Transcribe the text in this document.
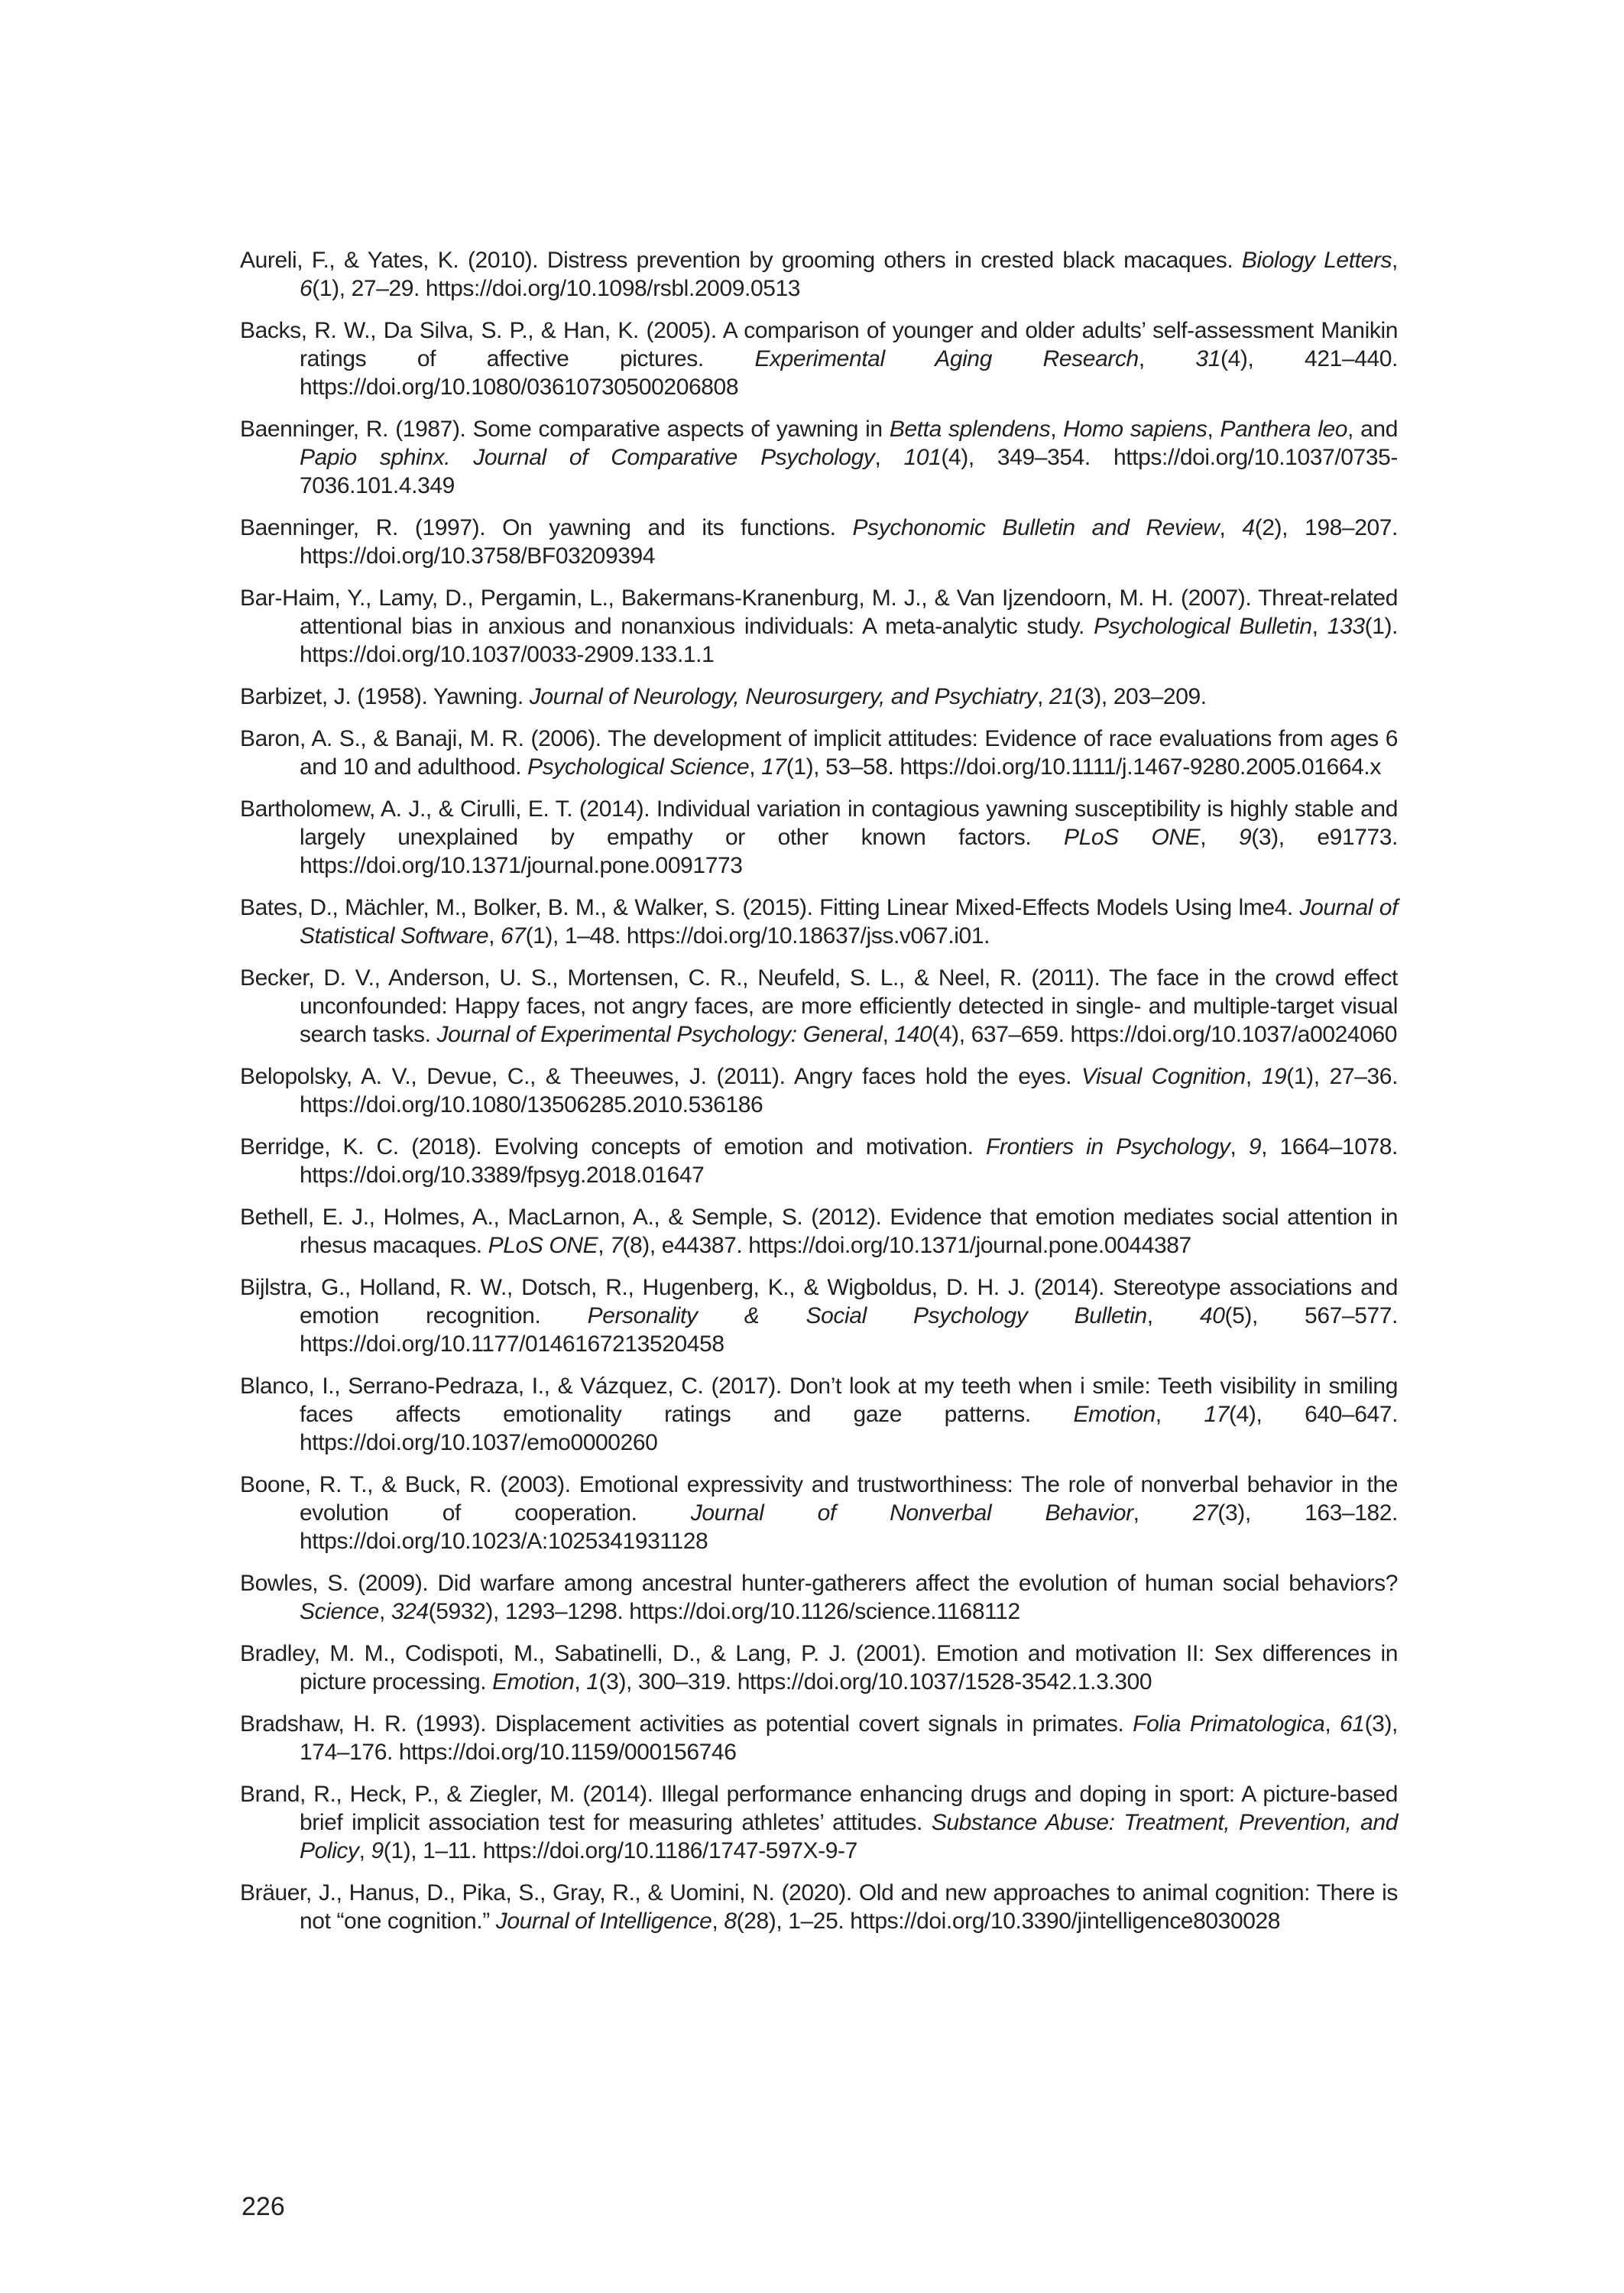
Aureli, F., & Yates, K. (2010). Distress prevention by grooming others in crested black macaques. Biology Letters, 6(1), 27–29. https://doi.org/10.1098/rsbl.2009.0513
Backs, R. W., Da Silva, S. P., & Han, K. (2005). A comparison of younger and older adults’ self-assessment Manikin ratings of affective pictures. Experimental Aging Research, 31(4), 421–440. https://doi.org/10.1080/03610730500206808
Baenninger, R. (1987). Some comparative aspects of yawning in Betta splendens, Homo sapiens, Panthera leo, and Papio sphinx. Journal of Comparative Psychology, 101(4), 349–354. https://doi.org/10.1037/0735-7036.101.4.349
Baenninger, R. (1997). On yawning and its functions. Psychonomic Bulletin and Review, 4(2), 198–207. https://doi.org/10.3758/BF03209394
Bar-Haim, Y., Lamy, D., Pergamin, L., Bakermans-Kranenburg, M. J., & Van Ijzendoorn, M. H. (2007). Threat-related attentional bias in anxious and nonanxious individuals: A meta-analytic study. Psychological Bulletin, 133(1). https://doi.org/10.1037/0033-2909.133.1.1
Barbizet, J. (1958). Yawning. Journal of Neurology, Neurosurgery, and Psychiatry, 21(3), 203–209.
Baron, A. S., & Banaji, M. R. (2006). The development of implicit attitudes: Evidence of race evaluations from ages 6 and 10 and adulthood. Psychological Science, 17(1), 53–58. https://doi.org/10.1111/j.1467-9280.2005.01664.x
Bartholomew, A. J., & Cirulli, E. T. (2014). Individual variation in contagious yawning susceptibility is highly stable and largely unexplained by empathy or other known factors. PLoS ONE, 9(3), e91773. https://doi.org/10.1371/journal.pone.0091773
Bates, D., Mächler, M., Bolker, B. M., & Walker, S. (2015). Fitting Linear Mixed-Effects Models Using lme4. Journal of Statistical Software, 67(1), 1–48. https://doi.org/10.18637/jss.v067.i01.
Becker, D. V., Anderson, U. S., Mortensen, C. R., Neufeld, S. L., & Neel, R. (2011). The face in the crowd effect unconfounded: Happy faces, not angry faces, are more efficiently detected in single- and multiple-target visual search tasks. Journal of Experimental Psychology: General, 140(4), 637–659. https://doi.org/10.1037/a0024060
Belopolsky, A. V., Devue, C., & Theeuwes, J. (2011). Angry faces hold the eyes. Visual Cognition, 19(1), 27–36. https://doi.org/10.1080/13506285.2010.536186
Berridge, K. C. (2018). Evolving concepts of emotion and motivation. Frontiers in Psychology, 9, 1664–1078. https://doi.org/10.3389/fpsyg.2018.01647
Bethell, E. J., Holmes, A., MacLarnon, A., & Semple, S. (2012). Evidence that emotion mediates social attention in rhesus macaques. PLoS ONE, 7(8), e44387. https://doi.org/10.1371/journal.pone.0044387
Bijlstra, G., Holland, R. W., Dotsch, R., Hugenberg, K., & Wigboldus, D. H. J. (2014). Stereotype associations and emotion recognition. Personality & Social Psychology Bulletin, 40(5), 567–577. https://doi.org/10.1177/0146167213520458
Blanco, I., Serrano-Pedraza, I., & Vázquez, C. (2017). Don’t look at my teeth when i smile: Teeth visibility in smiling faces affects emotionality ratings and gaze patterns. Emotion, 17(4), 640–647. https://doi.org/10.1037/emo0000260
Boone, R. T., & Buck, R. (2003). Emotional expressivity and trustworthiness: The role of nonverbal behavior in the evolution of cooperation. Journal of Nonverbal Behavior, 27(3), 163–182. https://doi.org/10.1023/A:1025341931128
Bowles, S. (2009). Did warfare among ancestral hunter-gatherers affect the evolution of human social behaviors? Science, 324(5932), 1293–1298. https://doi.org/10.1126/science.1168112
Bradley, M. M., Codispoti, M., Sabatinelli, D., & Lang, P. J. (2001). Emotion and motivation II: Sex differences in picture processing. Emotion, 1(3), 300–319. https://doi.org/10.1037/1528-3542.1.3.300
Bradshaw, H. R. (1993). Displacement activities as potential covert signals in primates. Folia Primatologica, 61(3), 174–176. https://doi.org/10.1159/000156746
Brand, R., Heck, P., & Ziegler, M. (2014). Illegal performance enhancing drugs and doping in sport: A picture-based brief implicit association test for measuring athletes’ attitudes. Substance Abuse: Treatment, Prevention, and Policy, 9(1), 1–11. https://doi.org/10.1186/1747-597X-9-7
Bräuer, J., Hanus, D., Pika, S., Gray, R., & Uomini, N. (2020). Old and new approaches to animal cognition: There is not “one cognition.” Journal of Intelligence, 8(28), 1–25. https://doi.org/10.3390/jintelligence8030028
226
